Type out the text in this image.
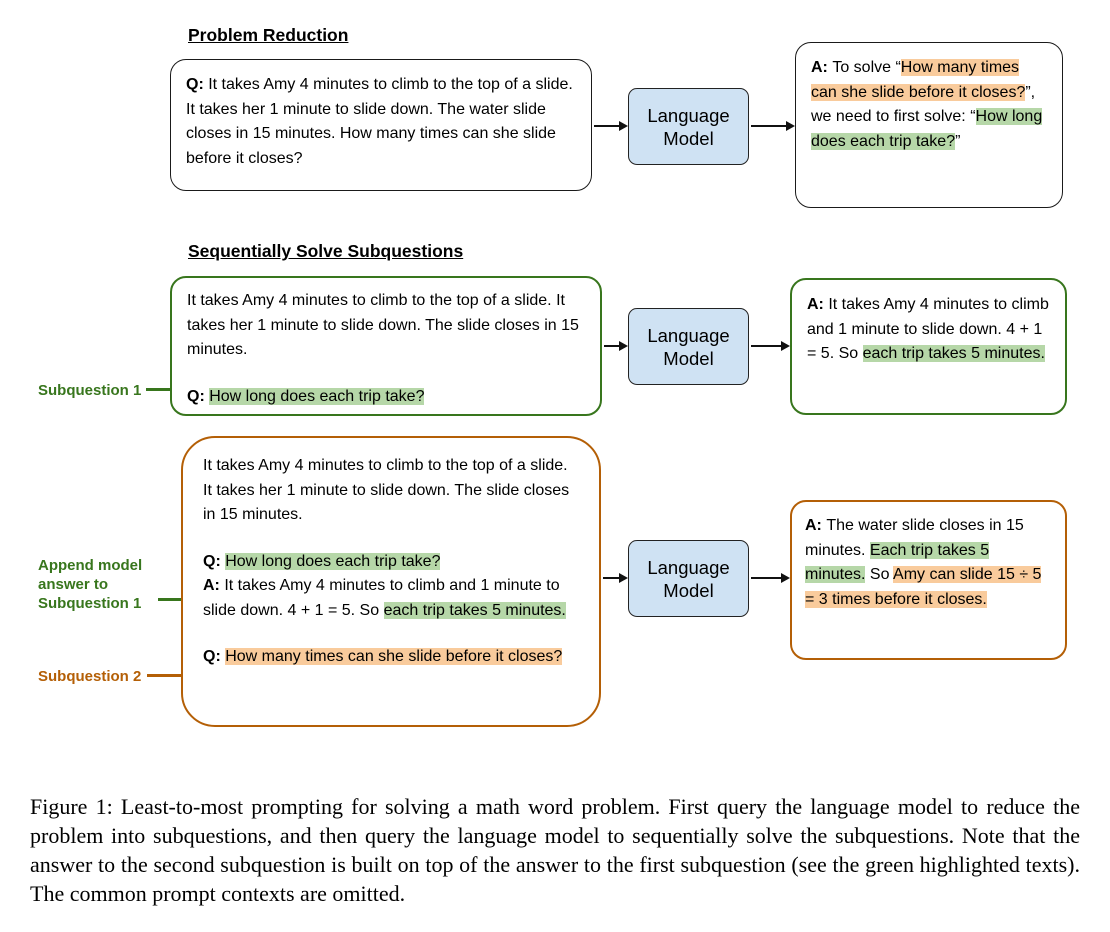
Problem Reduction

Q: It takes Amy 4 minutes to climb to the top of a slide. It takes her 1 minute to slide down. The water slide closes in 15 minutes. How many times can she slide before it closes?

Language Model

A: To solve “How many times can she slide before it closes?”, we need to first solve: “How long does each trip take?”

Sequentially Solve Subquestions
Subquestion 1

It takes Amy 4 minutes to climb to the top of a slide. It takes her 1 minute to slide down. The slide closes in 15 minutes.

Q: How long does each trip take?

Language Model

A: It takes Amy 4 minutes to climb and 1 minute to slide down. 4 + 1 = 5. So each trip takes 5 minutes.

Append model answer to Subquestion 1
Subquestion 2

It takes Amy 4 minutes to climb to the top of a slide. It takes her 1 minute to slide down. The slide closes in 15 minutes.

Q: How long does each trip take?

A: It takes Amy 4 minutes to climb and 1 minute to slide down. 4 + 1 = 5. So each trip takes 5 minutes.

Q: How many times can she slide before it closes?

Language Model

A: The water slide closes in 15 minutes. Each trip takes 5 minutes. So Amy can slide 15 ÷ 5 = 3 times before it closes.

Figure 1: Least-to-most prompting for solving a math word problem. First query the language model to reduce the problem into subquestions, and then query the language model to sequentially solve the subquestions. Note that the answer to the second subquestion is built on top of the answer to the first subquestion (see the green highlighted texts). The common prompt contexts are omitted.
